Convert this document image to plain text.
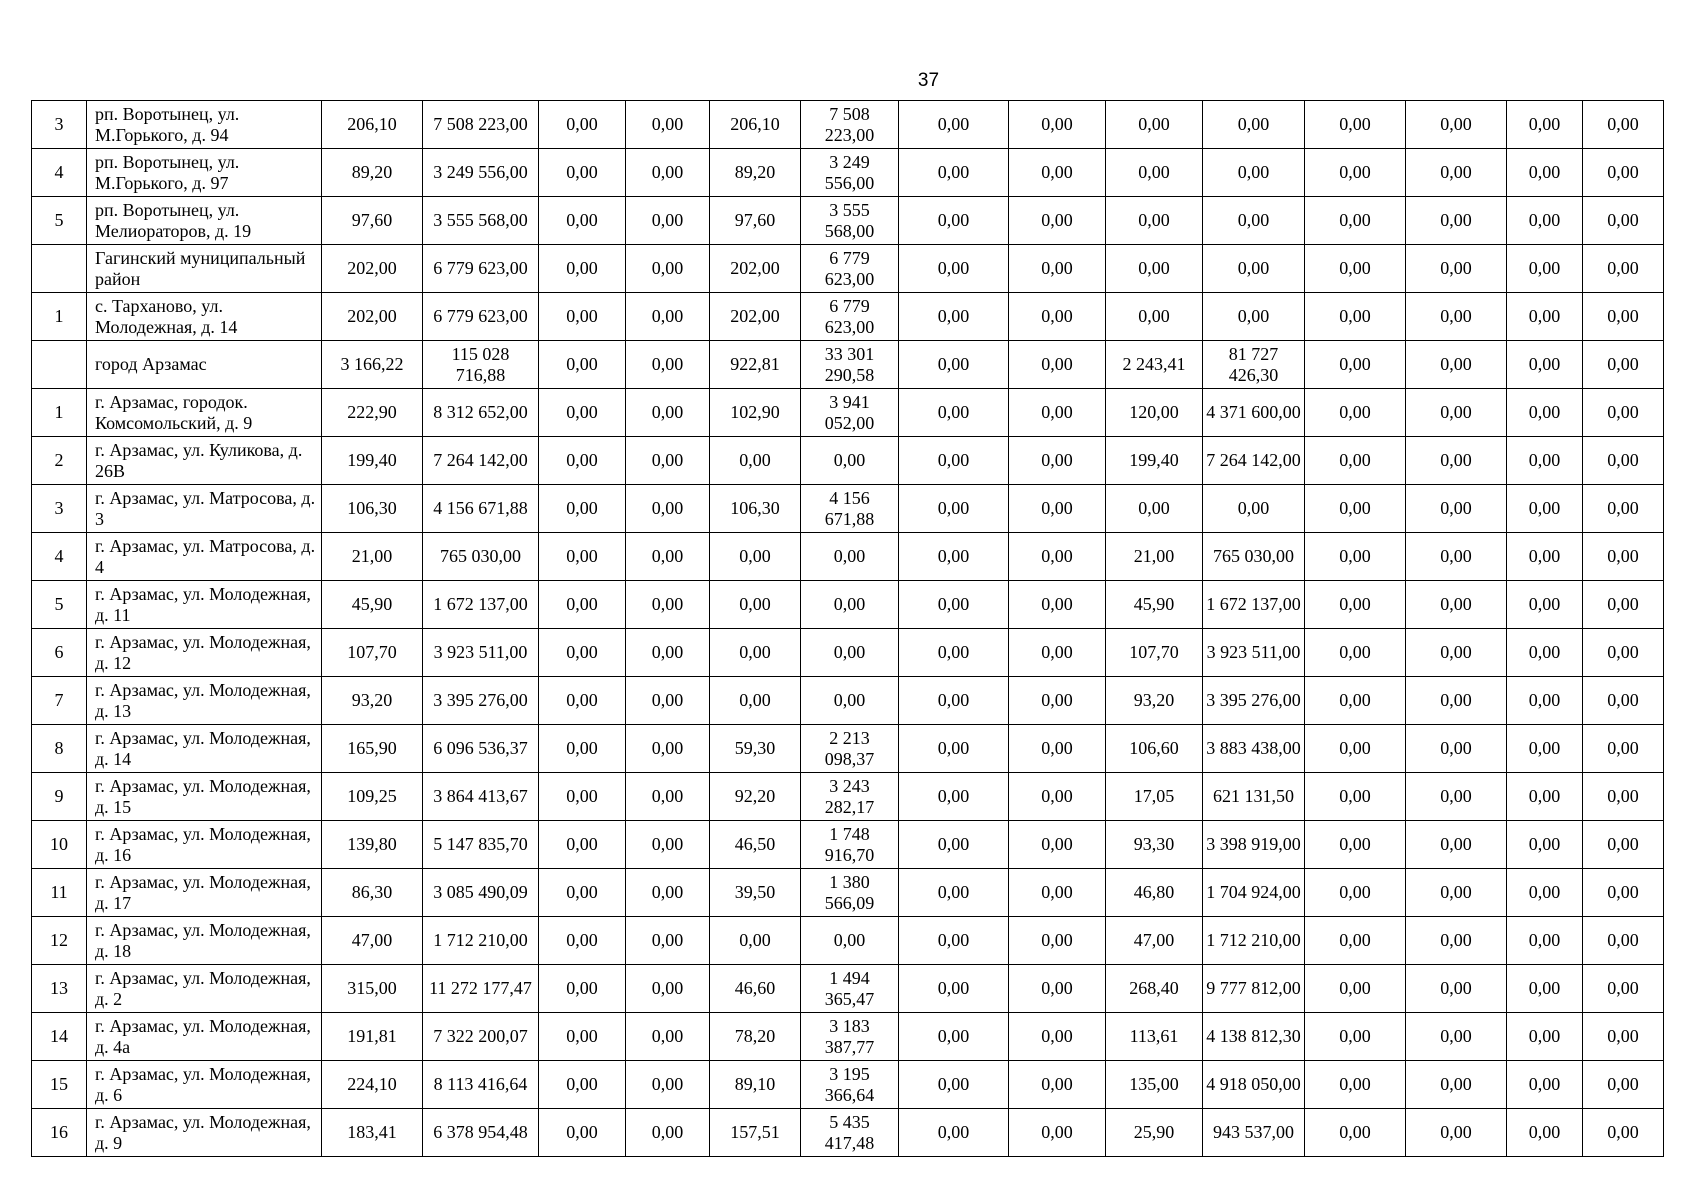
37
3	рп. Воротынец, ул. М.Горького, д. 94	206,10	7 508 223,00	0,00	0,00	206,10	7 508 223,00	0,00	0,00	0,00	0,00	0,00	0,00	0,00	0,00
4	рп. Воротынец, ул. М.Горького, д. 97	89,20	3 249 556,00	0,00	0,00	89,20	3 249 556,00	0,00	0,00	0,00	0,00	0,00	0,00	0,00	0,00
5	рп. Воротынец, ул. Мелиораторов, д. 19	97,60	3 555 568,00	0,00	0,00	97,60	3 555 568,00	0,00	0,00	0,00	0,00	0,00	0,00	0,00	0,00
	Гагинский муниципальный район	202,00	6 779 623,00	0,00	0,00	202,00	6 779 623,00	0,00	0,00	0,00	0,00	0,00	0,00	0,00	0,00
1	с. Тарханово, ул. Молодежная, д. 14	202,00	6 779 623,00	0,00	0,00	202,00	6 779 623,00	0,00	0,00	0,00	0,00	0,00	0,00	0,00	0,00
	город Арзамас	3 166,22	115 028 716,88	0,00	0,00	922,81	33 301 290,58	0,00	0,00	2 243,41	81 727 426,30	0,00	0,00	0,00	0,00
1	г. Арзамас, городок. Комсомольский, д. 9	222,90	8 312 652,00	0,00	0,00	102,90	3 941 052,00	0,00	0,00	120,00	4 371 600,00	0,00	0,00	0,00	0,00
2	г. Арзамас, ул. Куликова, д. 26В	199,40	7 264 142,00	0,00	0,00	0,00	0,00	0,00	0,00	199,40	7 264 142,00	0,00	0,00	0,00	0,00
3	г. Арзамас, ул. Матросова, д. 3	106,30	4 156 671,88	0,00	0,00	106,30	4 156 671,88	0,00	0,00	0,00	0,00	0,00	0,00	0,00	0,00
4	г. Арзамас, ул. Матросова, д. 4	21,00	765 030,00	0,00	0,00	0,00	0,00	0,00	0,00	21,00	765 030,00	0,00	0,00	0,00	0,00
5	г. Арзамас, ул. Молодежная, д. 11	45,90	1 672 137,00	0,00	0,00	0,00	0,00	0,00	0,00	45,90	1 672 137,00	0,00	0,00	0,00	0,00
6	г. Арзамас, ул. Молодежная, д. 12	107,70	3 923 511,00	0,00	0,00	0,00	0,00	0,00	0,00	107,70	3 923 511,00	0,00	0,00	0,00	0,00
7	г. Арзамас, ул. Молодежная, д. 13	93,20	3 395 276,00	0,00	0,00	0,00	0,00	0,00	0,00	93,20	3 395 276,00	0,00	0,00	0,00	0,00
8	г. Арзамас, ул. Молодежная, д. 14	165,90	6 096 536,37	0,00	0,00	59,30	2 213 098,37	0,00	0,00	106,60	3 883 438,00	0,00	0,00	0,00	0,00
9	г. Арзамас, ул. Молодежная, д. 15	109,25	3 864 413,67	0,00	0,00	92,20	3 243 282,17	0,00	0,00	17,05	621 131,50	0,00	0,00	0,00	0,00
10	г. Арзамас, ул. Молодежная, д. 16	139,80	5 147 835,70	0,00	0,00	46,50	1 748 916,70	0,00	0,00	93,30	3 398 919,00	0,00	0,00	0,00	0,00
11	г. Арзамас, ул. Молодежная, д. 17	86,30	3 085 490,09	0,00	0,00	39,50	1 380 566,09	0,00	0,00	46,80	1 704 924,00	0,00	0,00	0,00	0,00
12	г. Арзамас, ул. Молодежная, д. 18	47,00	1 712 210,00	0,00	0,00	0,00	0,00	0,00	0,00	47,00	1 712 210,00	0,00	0,00	0,00	0,00
13	г. Арзамас, ул. Молодежная, д. 2	315,00	11 272 177,47	0,00	0,00	46,60	1 494 365,47	0,00	0,00	268,40	9 777 812,00	0,00	0,00	0,00	0,00
14	г. Арзамас, ул. Молодежная, д. 4а	191,81	7 322 200,07	0,00	0,00	78,20	3 183 387,77	0,00	0,00	113,61	4 138 812,30	0,00	0,00	0,00	0,00
15	г. Арзамас, ул. Молодежная, д. 6	224,10	8 113 416,64	0,00	0,00	89,10	3 195 366,64	0,00	0,00	135,00	4 918 050,00	0,00	0,00	0,00	0,00
16	г. Арзамас, ул. Молодежная, д. 9	183,41	6 378 954,48	0,00	0,00	157,51	5 435 417,48	0,00	0,00	25,90	943 537,00	0,00	0,00	0,00	0,00
